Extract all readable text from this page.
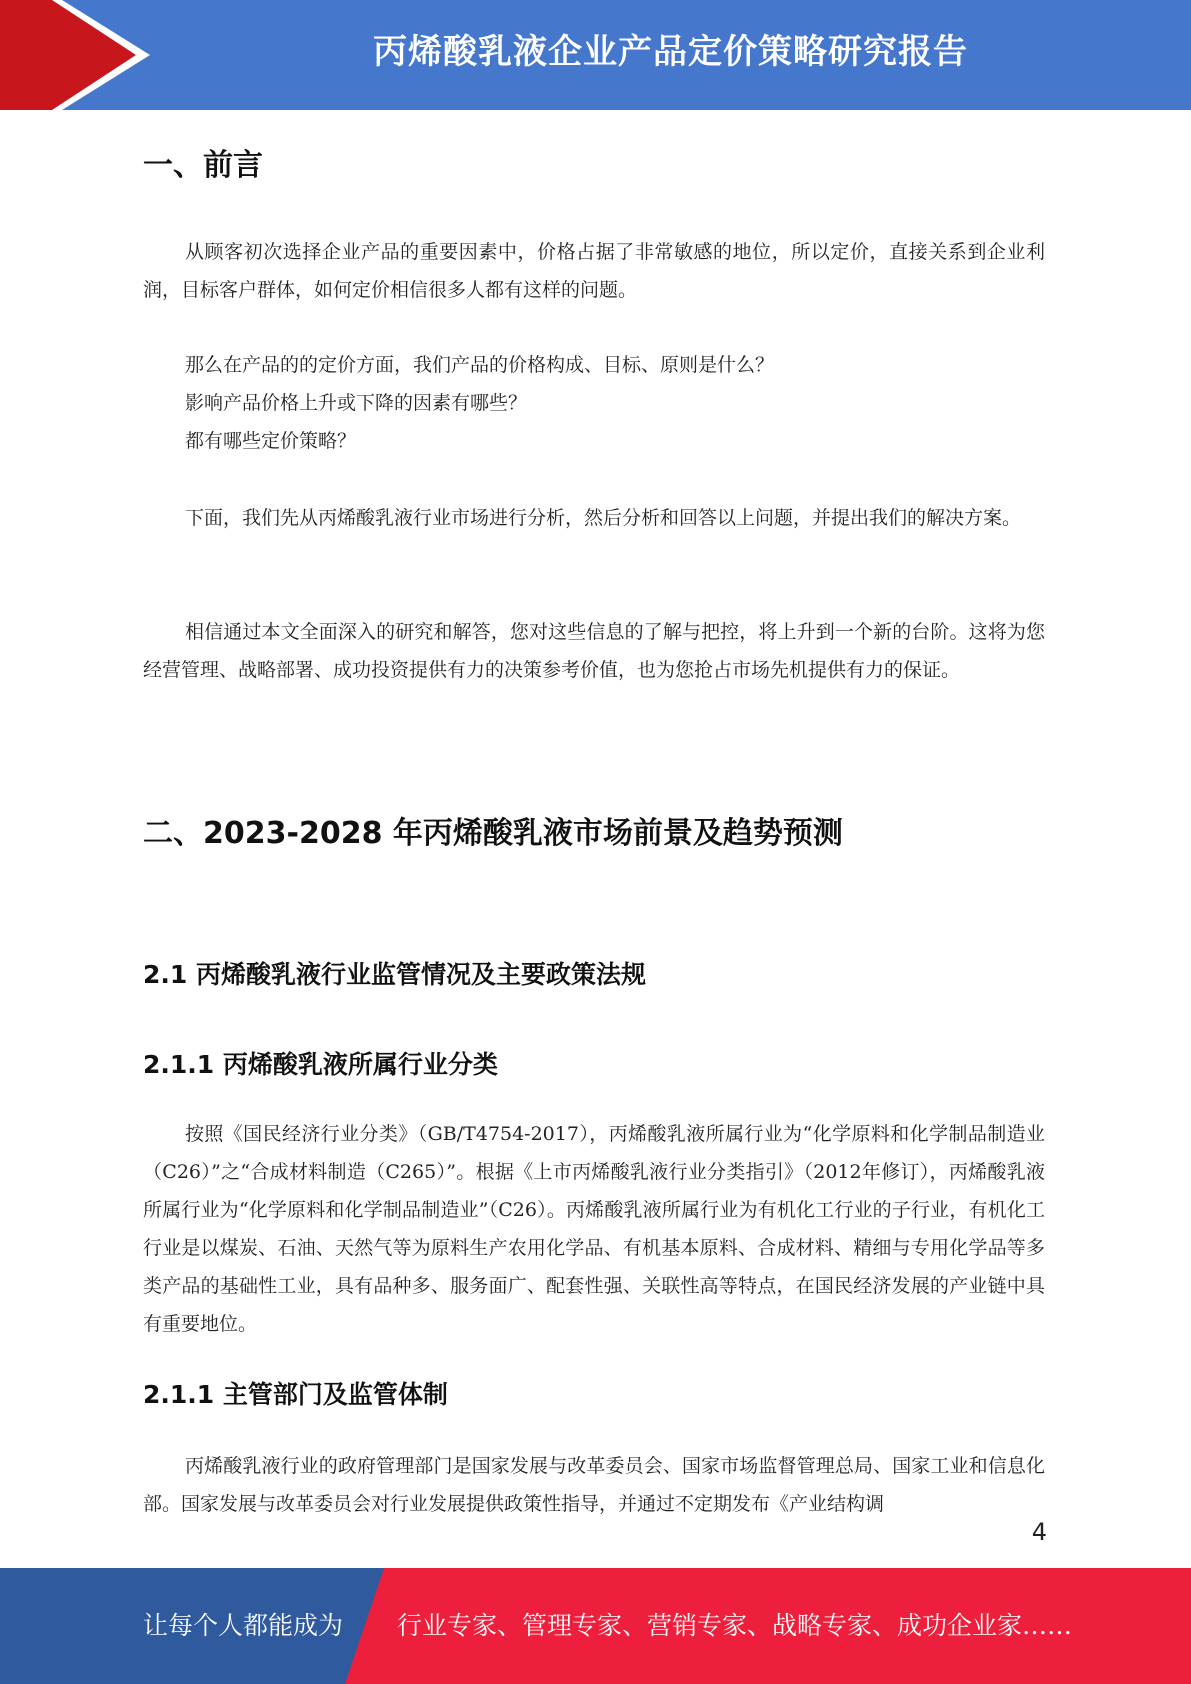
丙烯酸乳液企业产品定价策略研究报告
一、前言

从顾客初次选择企业产品的重要因素中，价格占据了非常敏感的地位，所以定价，直接关系到企业利润，目标客户群体，如何定价相信很多人都有这样的问题。

那么在产品的的定价方面，我们产品的价格构成、目标、原则是什么？
影响产品价格上升或下降的因素有哪些？
都有哪些定价策略？

下面，我们先从丙烯酸乳液行业市场进行分析，然后分析和回答以上问题，并提出我们的解决方案。

相信通过本文全面深入的研究和解答，您对这些信息的了解与把控，将上升到一个新的台阶。这将为您经营管理、战略部署、成功投资提供有力的决策参考价值，也为您抢占市场先机提供有力的保证。

二、2023-2028 年丙烯酸乳液市场前景及趋势预测
2.1 丙烯酸乳液行业监管情况及主要政策法规
2.1.1 丙烯酸乳液所属行业分类

按照《国民经济行业分类》（GB/T4754-2017），丙烯酸乳液所属行业为“化学原料和化学制品制造业（C26）”之“合成材料制造（C265）”。根据《上市丙烯酸乳液行业分类指引》（2012年修订），丙烯酸乳液所属行业为“化学原料和化学制品制造业”（C26）。丙烯酸乳液所属行业为有机化工行业的子行业，有机化工行业是以煤炭、石油、天然气等为原料生产农用化学品、有机基本原料、合成材料、精细与专用化学品等多类产品的基础性工业，具有品种多、服务面广、配套性强、关联性高等特点，在国民经济发展的产业链中具有重要地位。

2.1.1 主管部门及监管体制

丙烯酸乳液行业的政府管理部门是国家发展与改革委员会、国家市场监督管理总局、国家工业和信息化部。国家发展与改革委员会对行业发展提供政策性指导，并通过不定期发布《产业结构调

4
让每个人都能成为 行业专家、管理专家、营销专家、战略专家、成功企业家……
